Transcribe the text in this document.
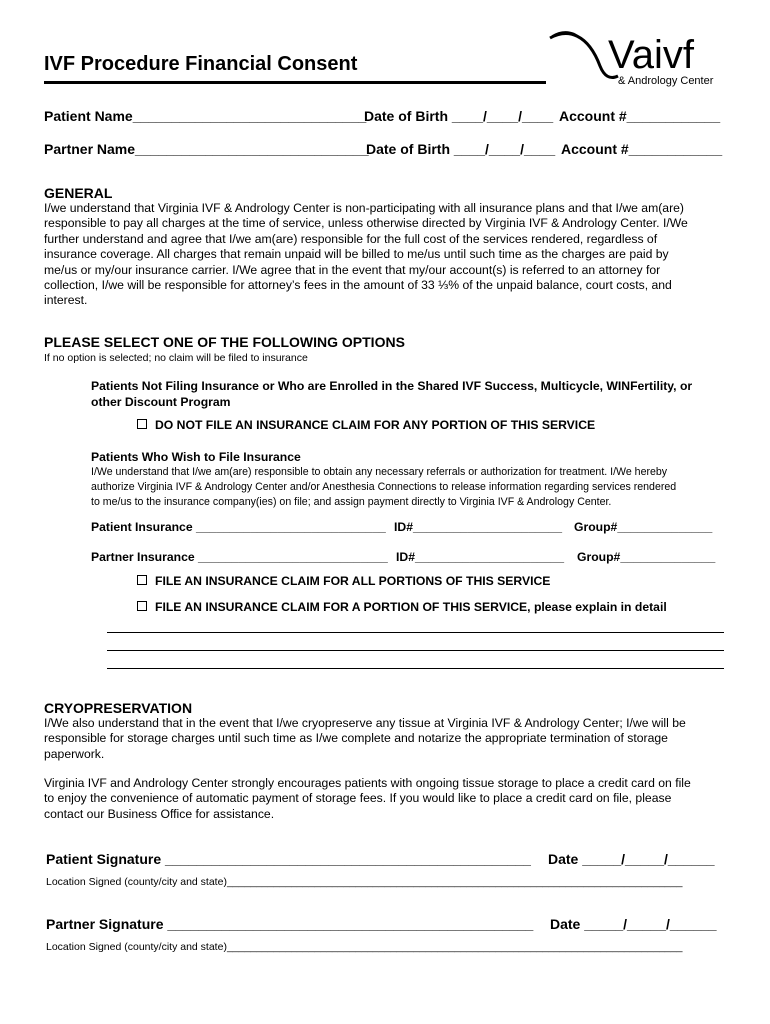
IVF Procedure Financial Consent	Vaivf
& Andrology Center
Patient Name______________________________
Date of Birth ____/____/____ Account #____________
Partner Name______________________________
Date of Birth ____/____/____ Account #____________
GENERAL
I/we understand that Virginia IVF & Andrology Center is non-participating with all insurance plans and that I/we am(are)
responsible to pay all charges at the time of service, unless otherwise directed by Virginia IVF & Andrology Center. I/We
further understand and agree that I/we am(are) responsible for the full cost of the services rendered, regardless of
insurance coverage. All charges that remain unpaid will be billed to me/us until such time as the charges are paid by
me/us or my/our insurance carrier. I/We agree that in the event that my/our account(s) is referred to an attorney for
collection, I/we will be responsible for attorney’s fees in the amount of 33 ⅓% of the unpaid balance, court costs, and
interest.
PLEASE SELECT ONE OF THE FOLLOWING OPTIONS
If no option is selected; no claim will be filed to insurance
Patients Not Filing Insurance or Who are Enrolled in the Shared IVF Success, Multicycle, WINFertility, or
other Discount Program
DO NOT FILE AN INSURANCE CLAIM FOR ANY PORTION OF THIS SERVICE
Patients Who Wish to File Insurance
I/We understand that I/we am(are) responsible to obtain any necessary referrals or authorization for treatment. I/We hereby
authorize Virginia IVF & Andrology Center and/or Anesthesia Connections to release information regarding services rendered
to me/us to the insurance company(ies) on file; and assign payment directly to Virginia IVF & Andrology Center.
Patient Insurance ____________________________ ID#______________________ Group#______________
Partner Insurance ____________________________ ID#______________________ Group#______________
FILE AN INSURANCE CLAIM FOR ALL PORTIONS OF THIS SERVICE
FILE AN INSURANCE CLAIM FOR A PORTION OF THIS SERVICE, please explain in detail
CRYOPRESERVATION
I/We also understand that in the event that I/we cryopreserve any tissue at Virginia IVF & Andrology Center; I/we will be
responsible for storage charges until such time as I/we complete and notarize the appropriate termination of storage
paperwork.
Virginia IVF and Andrology Center strongly encourages patients with ongoing tissue storage to place a credit card on file
to enjoy the convenience of automatic payment of storage fees. If you would like to place a credit card on file, please
contact our Business Office for assistance.
Patient Signature _______________________________________________ Date _____/_____/______
Location Signed (county/city and state)______________________________________________________________________________
Partner Signature _______________________________________________ Date _____/_____/______
Location Signed (county/city and state)______________________________________________________________________________
